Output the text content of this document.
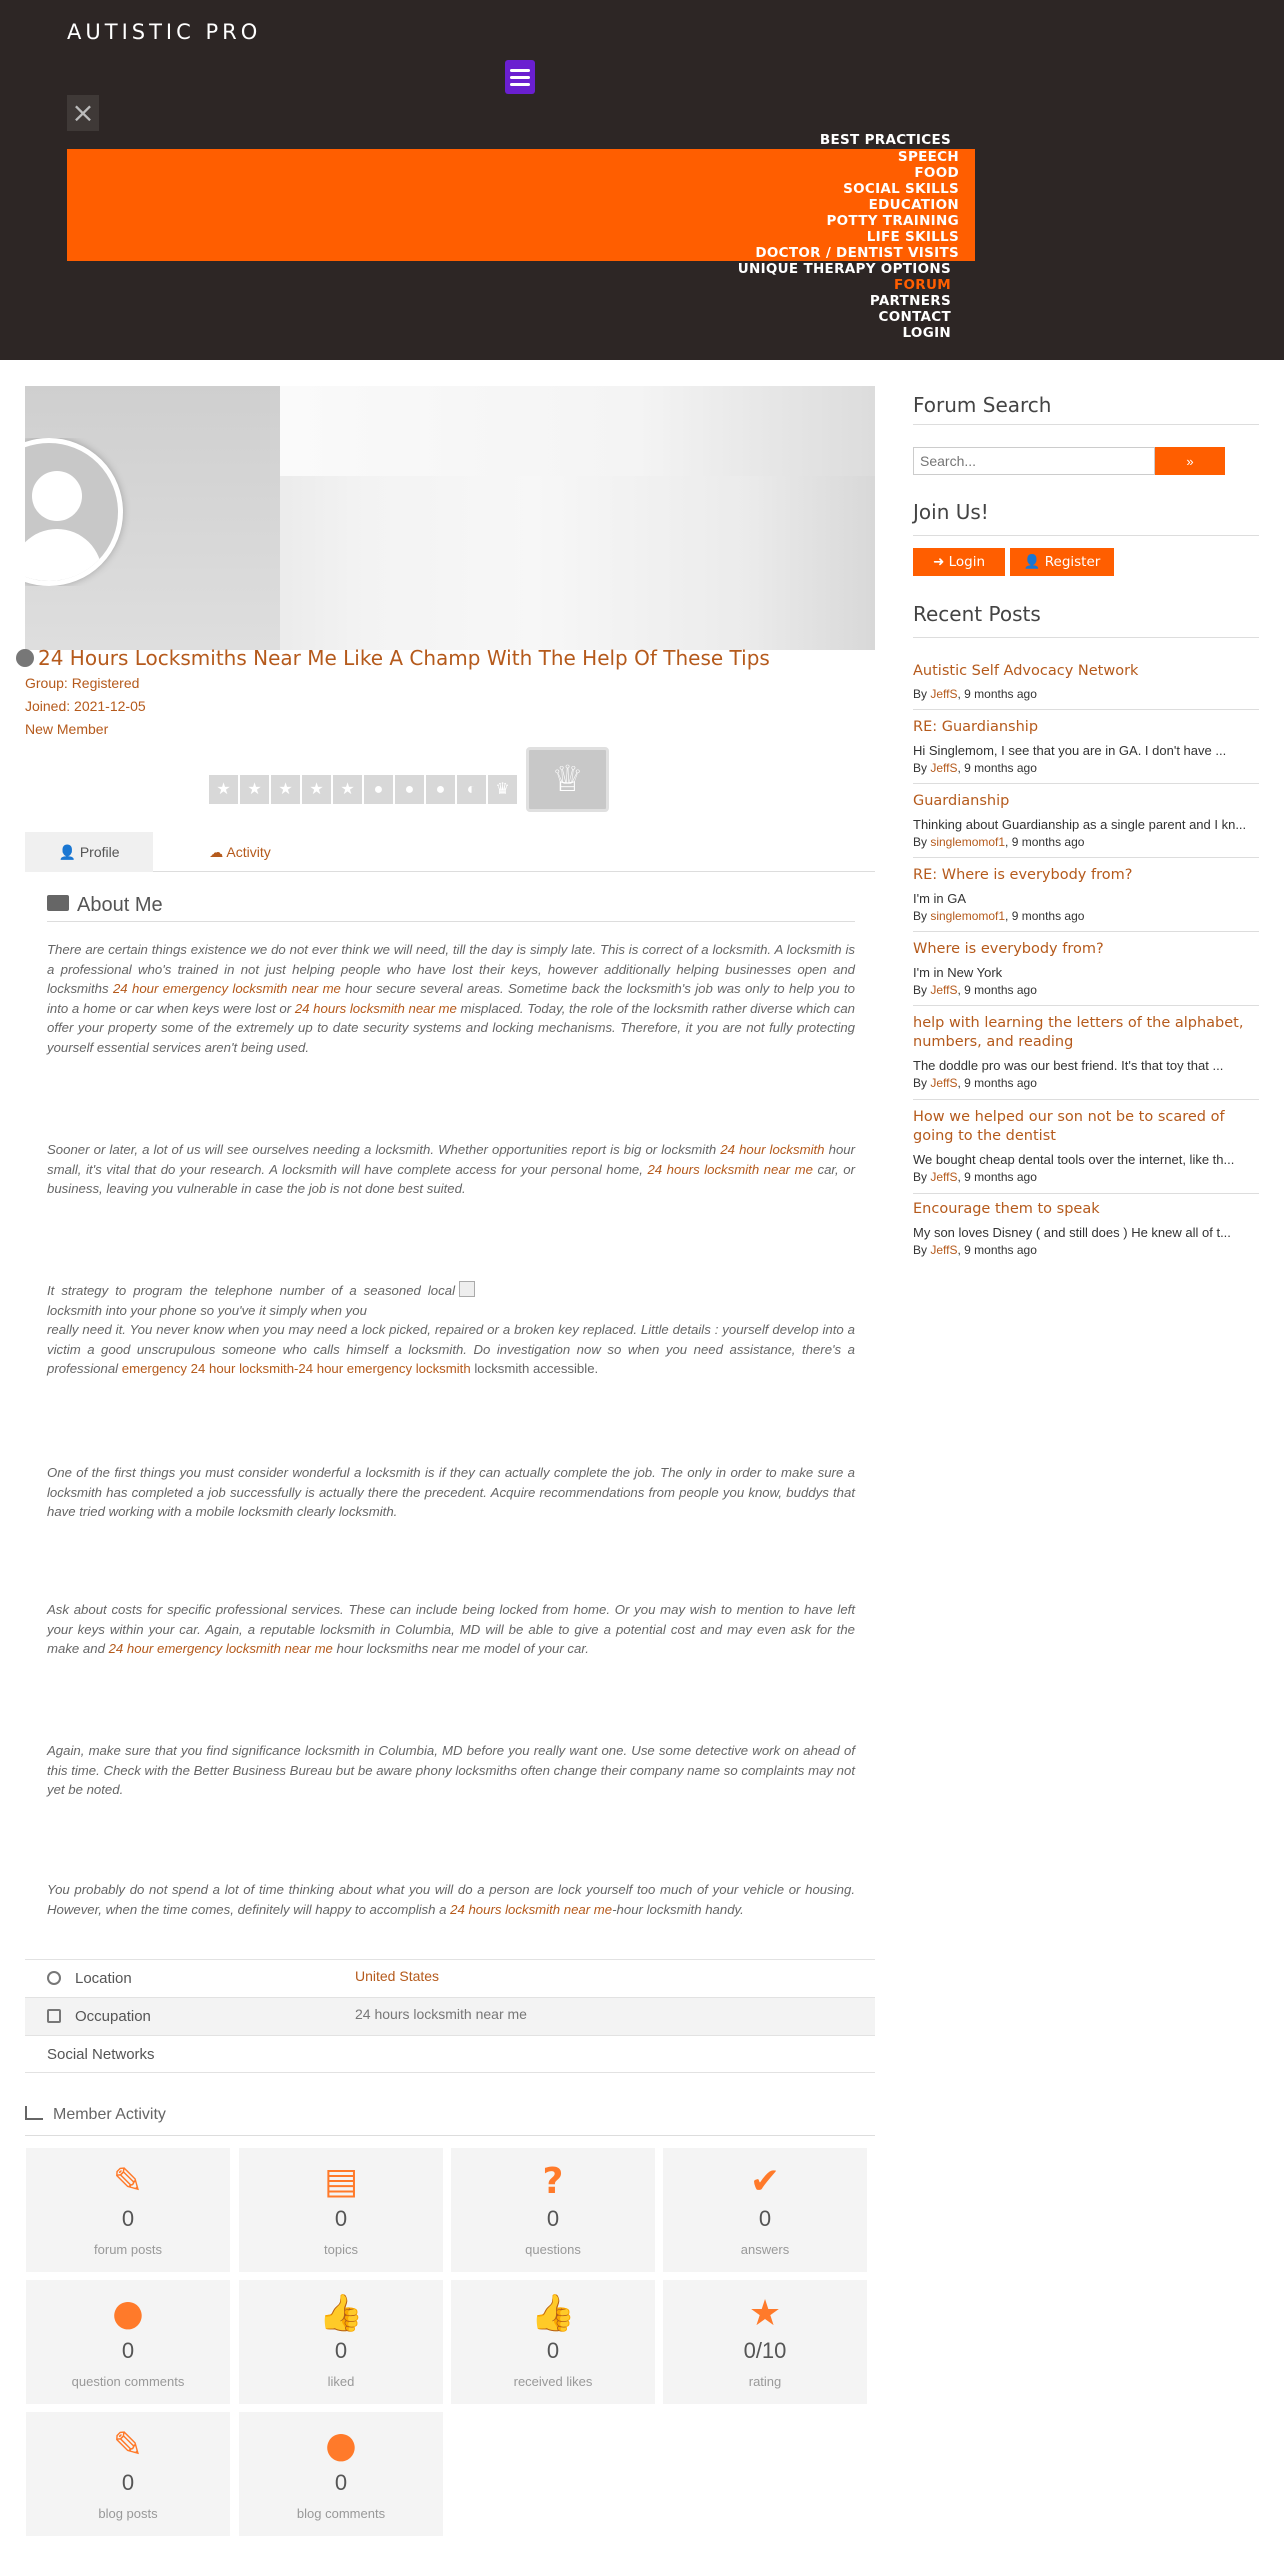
AUTISTIC PRO
×
BEST PRACTICES
SPEECH
FOOD
SOCIAL SKILLS
EDUCATION
POTTY TRAINING
LIFE SKILLS
DOCTOR / DENTIST VISITS
UNIQUE THERAPY OPTIONS
FORUM
PARTNERS
CONTACT
LOGIN
24 Hours Locksmiths Near Me Like A Champ With The Help Of These Tips
Group: Registered
Joined: 2021-12-05
New Member
★	★	★	★	★	●	●	●	◐	♛	♕
👤 Profile	☁ Activity
About Me
There are certain things existence we do not ever think we will need, till the day is simply late. This is correct of a locksmith. A locksmith is a professional who's trained in not just helping people who have lost their keys, however additionally helping businesses open and locksmiths 24 hour emergency locksmith near me hour secure several areas. Sometime back the locksmith's job was only to help you to into a home or car when keys were lost or 24 hours locksmith near me misplaced. Today, the role of the locksmith rather diverse which can offer your property some of the extremely up to date security systems and locking mechanisms. Therefore, it you are not fully protecting yourself essential services aren't being used.
Sooner or later, a lot of us will see ourselves needing a locksmith. Whether opportunities report is big or locksmith 24 hour locksmith hour small, it's vital that do your research. A locksmith will have complete access for your personal home, 24 hours locksmith near me car, or business, leaving you vulnerable in case the job is not done best suited.
It strategy to program the telephone number of a seasoned local locksmith into your phone so you've it simply when you
really need it. You never know when you may need a lock picked, repaired or a broken key replaced. Little details : yourself develop into a victim a good unscrupulous someone who calls himself a locksmith. Do investigation now so when you need assistance, there's a professional emergency 24 hour locksmith-24 hour emergency locksmith locksmith accessible.
One of the first things you must consider wonderful a locksmith is if they can actually complete the job. The only in order to make sure a locksmith has completed a job successfully is actually there the precedent. Acquire recommendations from people you know, buddys that have tried working with a mobile locksmith clearly locksmith.
Ask about costs for specific professional services. These can include being locked from home. Or you may wish to mention to have left your keys within your car. Again, a reputable locksmith in Columbia, MD will be able to give a potential cost and may even ask for the make and 24 hour emergency locksmith near me hour locksmiths near me model of your car.
Again, make sure that you find significance locksmith in Columbia, MD before you really want one. Use some detective work on ahead of this time. Check with the Better Business Bureau but be aware phony locksmiths often change their company name so complaints may not yet be noted.
You probably do not spend a lot of time thinking about what you will do a person are lock yourself too much of your vehicle or housing. However, when the time comes, definitely will happy to accomplish a 24 hours locksmith near me-hour locksmith handy.
Location	United States
Occupation	24 hours locksmith near me
Social Networks
Member Activity
✎
0
forum posts
▤
0
topics
?
0
questions
✔
0
answers
●
0
question comments
👍
0
liked
👍
0
received likes
★
0/10
rating
✎
0
blog posts
●
0
blog comments
Forum Search
Search...
»
Join Us!
➜ Login	👤 Register
Recent Posts
Autistic Self Advocacy Network
By JeffS, 9 months ago
RE: Guardianship
Hi Singlemom, I see that you are in GA. I don't have ...
By JeffS, 9 months ago
Guardianship
Thinking about Guardianship as a single parent and I kn...
By singlemomof1, 9 months ago
RE: Where is everybody from?
I'm in GA
By singlemomof1, 9 months ago
Where is everybody from?
I'm in New York
By JeffS, 9 months ago
help with learning the letters of the alphabet, numbers, and reading
The doddle pro was our best friend. It's that toy that ...
By JeffS, 9 months ago
How we helped our son not be to scared of going to the dentist
We bought cheap dental tools over the internet, like th...
By JeffS, 9 months ago
Encourage them to speak
My son loves Disney ( and still does ) He knew all of t...
By JeffS, 9 months ago
